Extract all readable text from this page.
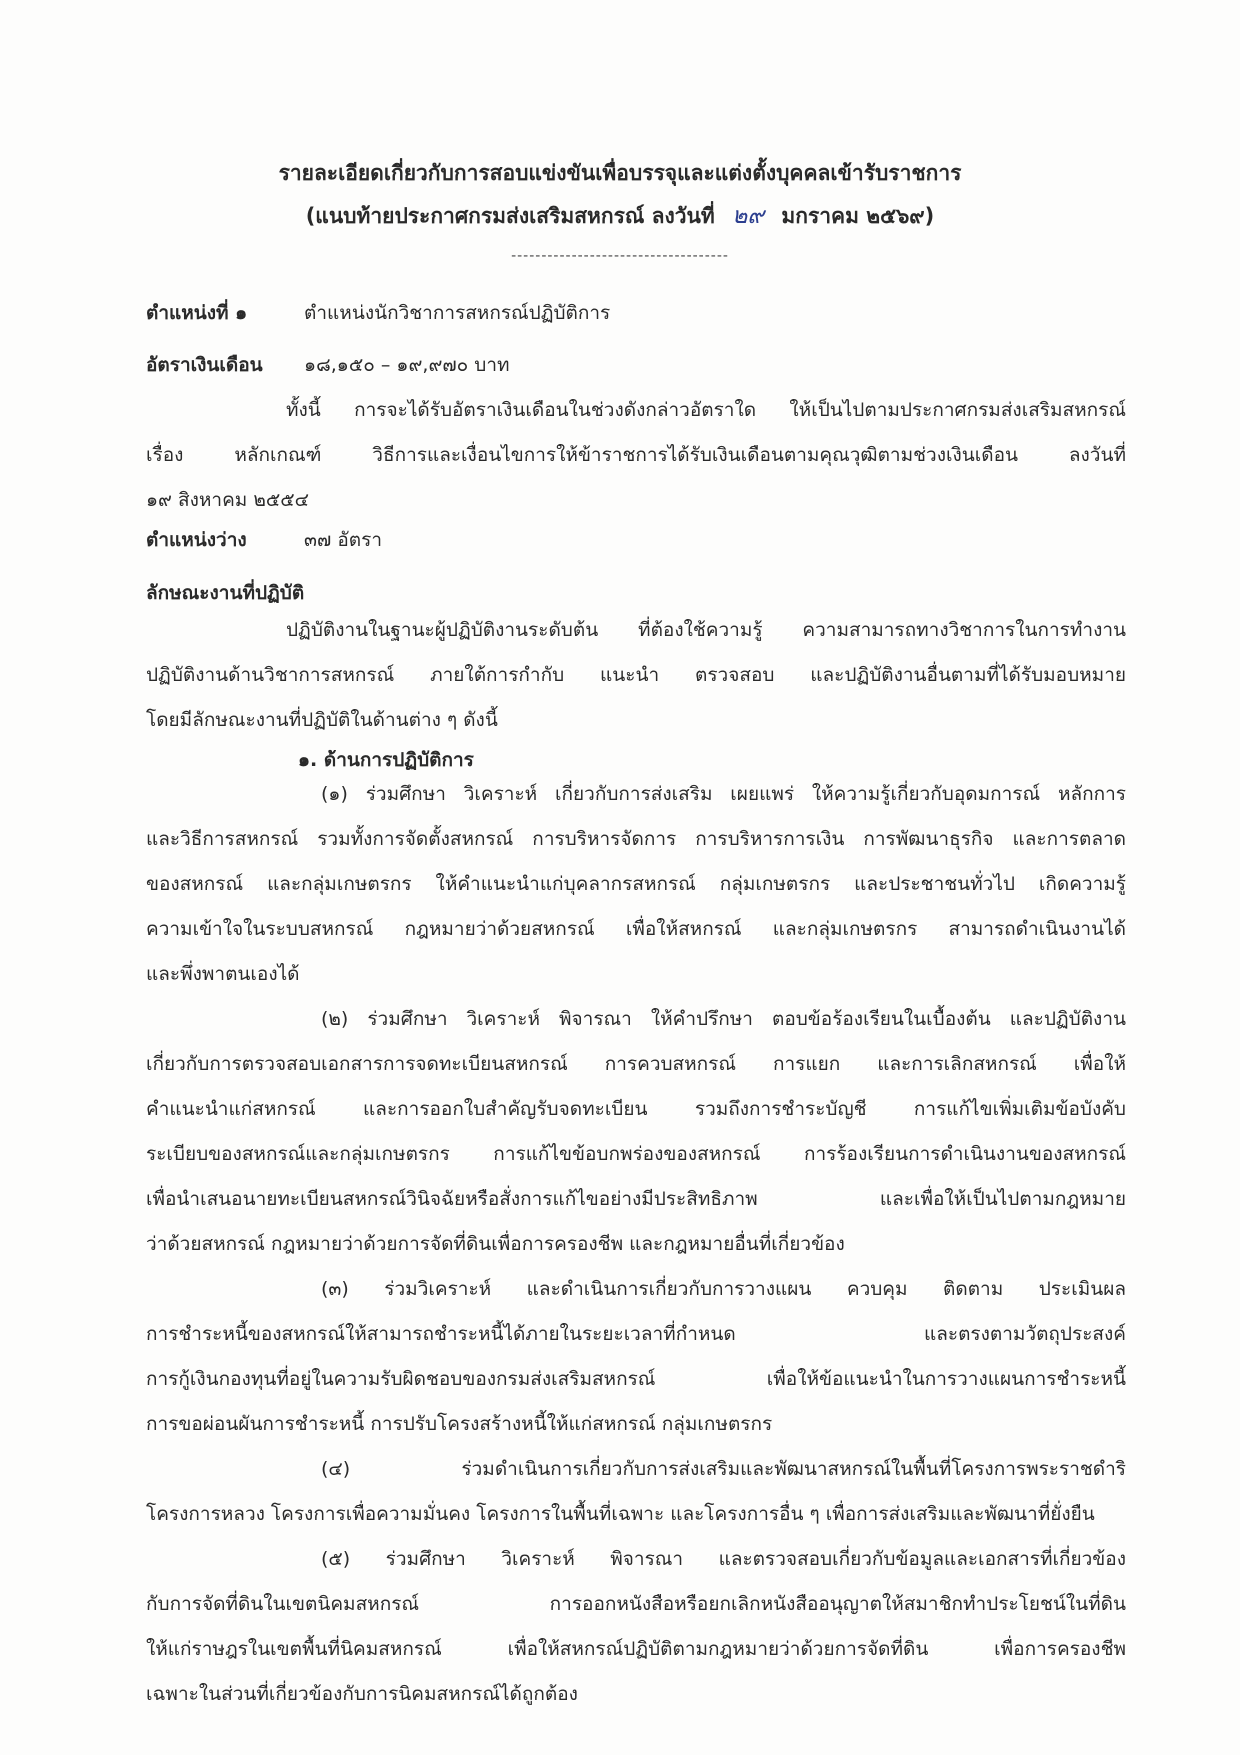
รายละเอียดเกี่ยวกับการสอบแข่งขันเพื่อบรรจุและแต่งตั้งบุคคลเข้ารับราชการ
(แนบท้ายประกาศกรมส่งเสริมสหกรณ์ ลงวันที่ ๒๙ มกราคม ๒๕๖๙)
------------------------------------
ตำแหน่งที่ ๑	ตำแหน่งนักวิชาการสหกรณ์ปฏิบัติการ
อัตราเงินเดือน ๑๘,๑๕๐ – ๑๙,๙๗๐ บาท

ทั้งนี้ การจะได้รับอัตราเงินเดือนในช่วงดังกล่าวอัตราใด ให้เป็นไปตามประกาศกรมส่งเสริมสหกรณ์

เรื่อง หลักเกณฑ์ วิธีการและเงื่อนไขการให้ข้าราชการได้รับเงินเดือนตามคุณวุฒิตามช่วงเงินเดือน ลงวันที่

๑๙ สิงหาคม ๒๕๕๔

ตำแหน่งว่าง	๓๗ อัตรา
ลักษณะงานที่ปฏิบัติ

ปฏิบัติงานในฐานะผู้ปฏิบัติงานระดับต้น ที่ต้องใช้ความรู้ ความสามารถทางวิชาการในการทำงาน

ปฏิบัติงานด้านวิชาการสหกรณ์ ภายใต้การกำกับ แนะนำ ตรวจสอบ และปฏิบัติงานอื่นตามที่ได้รับมอบหมาย

โดยมีลักษณะงานที่ปฏิบัติในด้านต่าง ๆ ดังนี้

๑. ด้านการปฏิบัติการ

(๑) ร่วมศึกษา วิเคราะห์ เกี่ยวกับการส่งเสริม เผยแพร่ ให้ความรู้เกี่ยวกับอุดมการณ์ หลักการ

และวิธีการสหกรณ์ รวมทั้งการจัดตั้งสหกรณ์ การบริหารจัดการ การบริหารการเงิน การพัฒนาธุรกิจ และการตลาด

ของสหกรณ์ และกลุ่มเกษตรกร ให้คำแนะนำแก่บุคลากรสหกรณ์ กลุ่มเกษตรกร และประชาชนทั่วไป เกิดความรู้

ความเข้าใจในระบบสหกรณ์ กฎหมายว่าด้วยสหกรณ์ เพื่อให้สหกรณ์ และกลุ่มเกษตรกร สามารถดำเนินงานได้

และพึ่งพาตนเองได้

(๒) ร่วมศึกษา วิเคราะห์ พิจารณา ให้คำปรึกษา ตอบข้อร้องเรียนในเบื้องต้น และปฏิบัติงาน

เกี่ยวกับการตรวจสอบเอกสารการจดทะเบียนสหกรณ์ การควบสหกรณ์ การแยก และการเลิกสหกรณ์ เพื่อให้

คำแนะนำแก่สหกรณ์ และการออกใบสำคัญรับจดทะเบียน รวมถึงการชำระบัญชี การแก้ไขเพิ่มเติมข้อบังคับ

ระเบียบของสหกรณ์และกลุ่มเกษตรกร การแก้ไขข้อบกพร่องของสหกรณ์ การร้องเรียนการดำเนินงานของสหกรณ์

เพื่อนำเสนอนายทะเบียนสหกรณ์วินิจฉัยหรือสั่งการแก้ไขอย่างมีประสิทธิภาพ และเพื่อให้เป็นไปตามกฎหมาย

ว่าด้วยสหกรณ์ กฎหมายว่าด้วยการจัดที่ดินเพื่อการครองชีพ และกฎหมายอื่นที่เกี่ยวข้อง

(๓) ร่วมวิเคราะห์ และดำเนินการเกี่ยวกับการวางแผน ควบคุม ติดตาม ประเมินผล

การชำระหนี้ของสหกรณ์ให้สามารถชำระหนี้ได้ภายในระยะเวลาที่กำหนด และตรงตามวัตถุประสงค์

การกู้เงินกองทุนที่อยู่ในความรับผิดชอบของกรมส่งเสริมสหกรณ์ เพื่อให้ข้อแนะนำในการวางแผนการชำระหนี้

การขอผ่อนผันการชำระหนี้ การปรับโครงสร้างหนี้ให้แก่สหกรณ์ กลุ่มเกษตรกร

(๔) ร่วมดำเนินการเกี่ยวกับการส่งเสริมและพัฒนาสหกรณ์ในพื้นที่โครงการพระราชดำริ

โครงการหลวง โครงการเพื่อความมั่นคง โครงการในพื้นที่เฉพาะ และโครงการอื่น ๆ เพื่อการส่งเสริมและพัฒนาที่ยั่งยืน

(๕) ร่วมศึกษา วิเคราะห์ พิจารณา และตรวจสอบเกี่ยวกับข้อมูลและเอกสารที่เกี่ยวข้อง

กับการจัดที่ดินในเขตนิคมสหกรณ์ การออกหนังสือหรือยกเลิกหนังสืออนุญาตให้สมาชิกทำประโยชน์ในที่ดิน

ให้แก่ราษฎรในเขตพื้นที่นิคมสหกรณ์ เพื่อให้สหกรณ์ปฏิบัติตามกฎหมายว่าด้วยการจัดที่ดิน เพื่อการครองชีพ

เฉพาะในส่วนที่เกี่ยวข้องกับการนิคมสหกรณ์ได้ถูกต้อง
